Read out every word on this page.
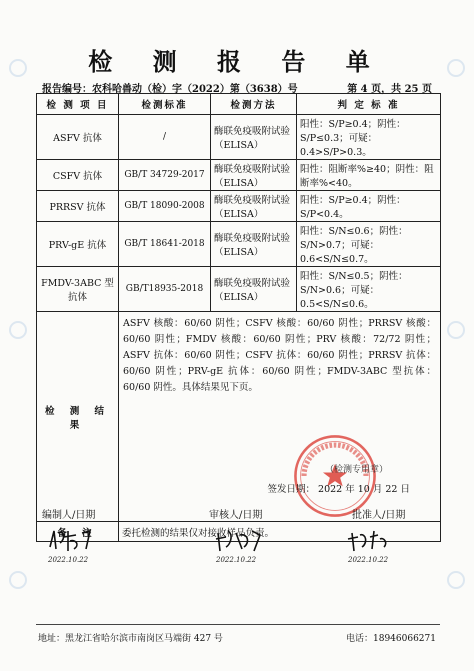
检 测 报 告 单
报告编号：农科哈兽动（检）字（2022）第（3638）号	第 4 页，共 25 页
检 测 项 目	检测标准	检测方法	判 定 标 准
ASFV 抗体	/	酶联免疫吸附试验（ELISA）	阳性：S/P≥0.4；阴性：S/P≤0.3；可疑：0.4>S/P>0.3。
CSFV 抗体	GB/T 34729-2017	酶联免疫吸附试验（ELISA）	阳性：阻断率%≥40；阴性：阻断率%<40。
PRRSV 抗体	GB/T 18090-2008	酶联免疫吸附试验（ELISA）	阳性：S/P≥0.4；阴性：S/P<0.4。
PRV-gE 抗体	GB/T 18641-2018	酶联免疫吸附试验（ELISA）	阳性：S/N≤0.6；阴性：S/N>0.7；可疑：0.6<S/N≤0.7。
FMDV-3ABC 型抗体	GB/T18935-2018	酶联免疫吸附试验（ELISA）	阳性：S/N≤0.5；阴性：S/N>0.6；可疑：0.5<S/N≤0.6。
检 测 结 果	ASFV 核酸：60/60 阴性；CSFV 核酸：60/60 阴性；PRRSV 核酸：60/60 阴性；FMDV 核酸：60/60 阴性；PRV 核酸：72/72 阴性；ASFV 抗体：60/60 阴性；CSFV 抗体：60/60 阴性；PRRSV 抗体：60/60 阴性；PRV-gE 抗体：60/60 阴性；FMDV-3ABC 型抗体：60/60 阴性。具体结果见下页。
（检测专用章）
签发日期： 2022 年 10 月 22 日		

备 注	委托检测的结果仅对接收样品负责。		
编制人/日期	审核人/日期	批准人/日期
2022.10.22	2022.10.22	2022.10.22
地址：黑龙江省哈尔滨市南岗区马端街 427 号	电话：18946066271
